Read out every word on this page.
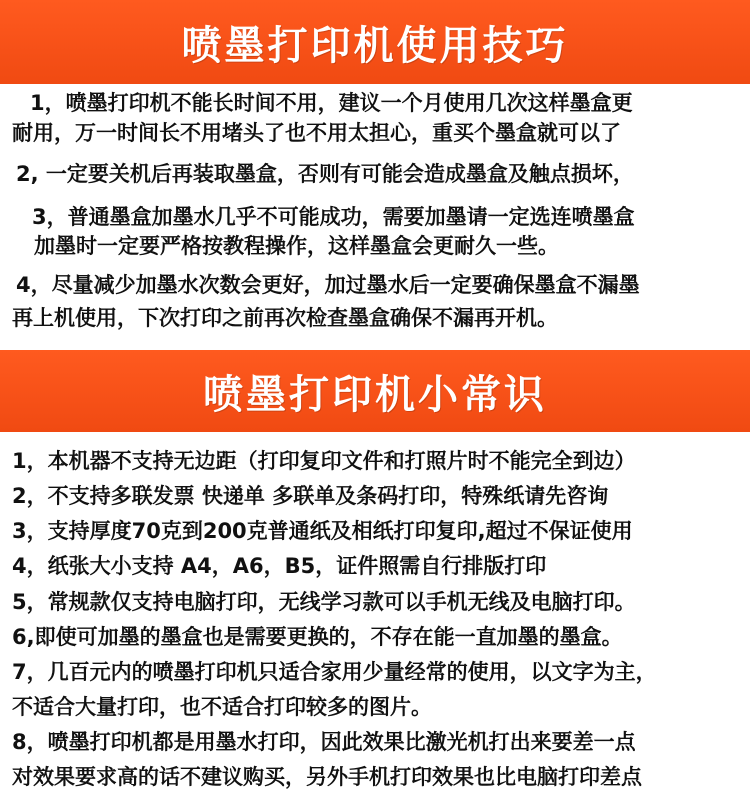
喷墨打印机使用技巧
1，喷墨打印机不能长时间不用，建议一个月使用几次这样墨盒更
耐用，万一时间长不用堵头了也不用太担心，重买个墨盒就可以了
2, 一定要关机后再装取墨盒，否则有可能会造成墨盒及触点损坏，
3，普通墨盒加墨水几乎不可能成功，需要加墨请一定选连喷墨盒
加墨时一定要严格按教程操作，这样墨盒会更耐久一些。
4，尽量减少加墨水次数会更好，加过墨水后一定要确保墨盒不漏墨
再上机使用，下次打印之前再次检查墨盒确保不漏再开机。
喷墨打印机小常识
1，本机器不支持无边距（打印复印文件和打照片时不能完全到边）
2，不支持多联发票 快递单 多联单及条码打印，特殊纸请先咨询
3，支持厚度70克到200克普通纸及相纸打印复印,超过不保证使用
4，纸张大小支持 A4，A6，B5，证件照需自行排版打印
5，常规款仅支持电脑打印，无线学习款可以手机无线及电脑打印。
6,即使可加墨的墨盒也是需要更换的，不存在能一直加墨的墨盒。
7，几百元内的喷墨打印机只适合家用少量经常的使用，以文字为主，
不适合大量打印，也不适合打印较多的图片。
8，喷墨打印机都是用墨水打印，因此效果比激光机打出来要差一点
对效果要求高的话不建议购买，另外手机打印效果也比电脑打印差点
